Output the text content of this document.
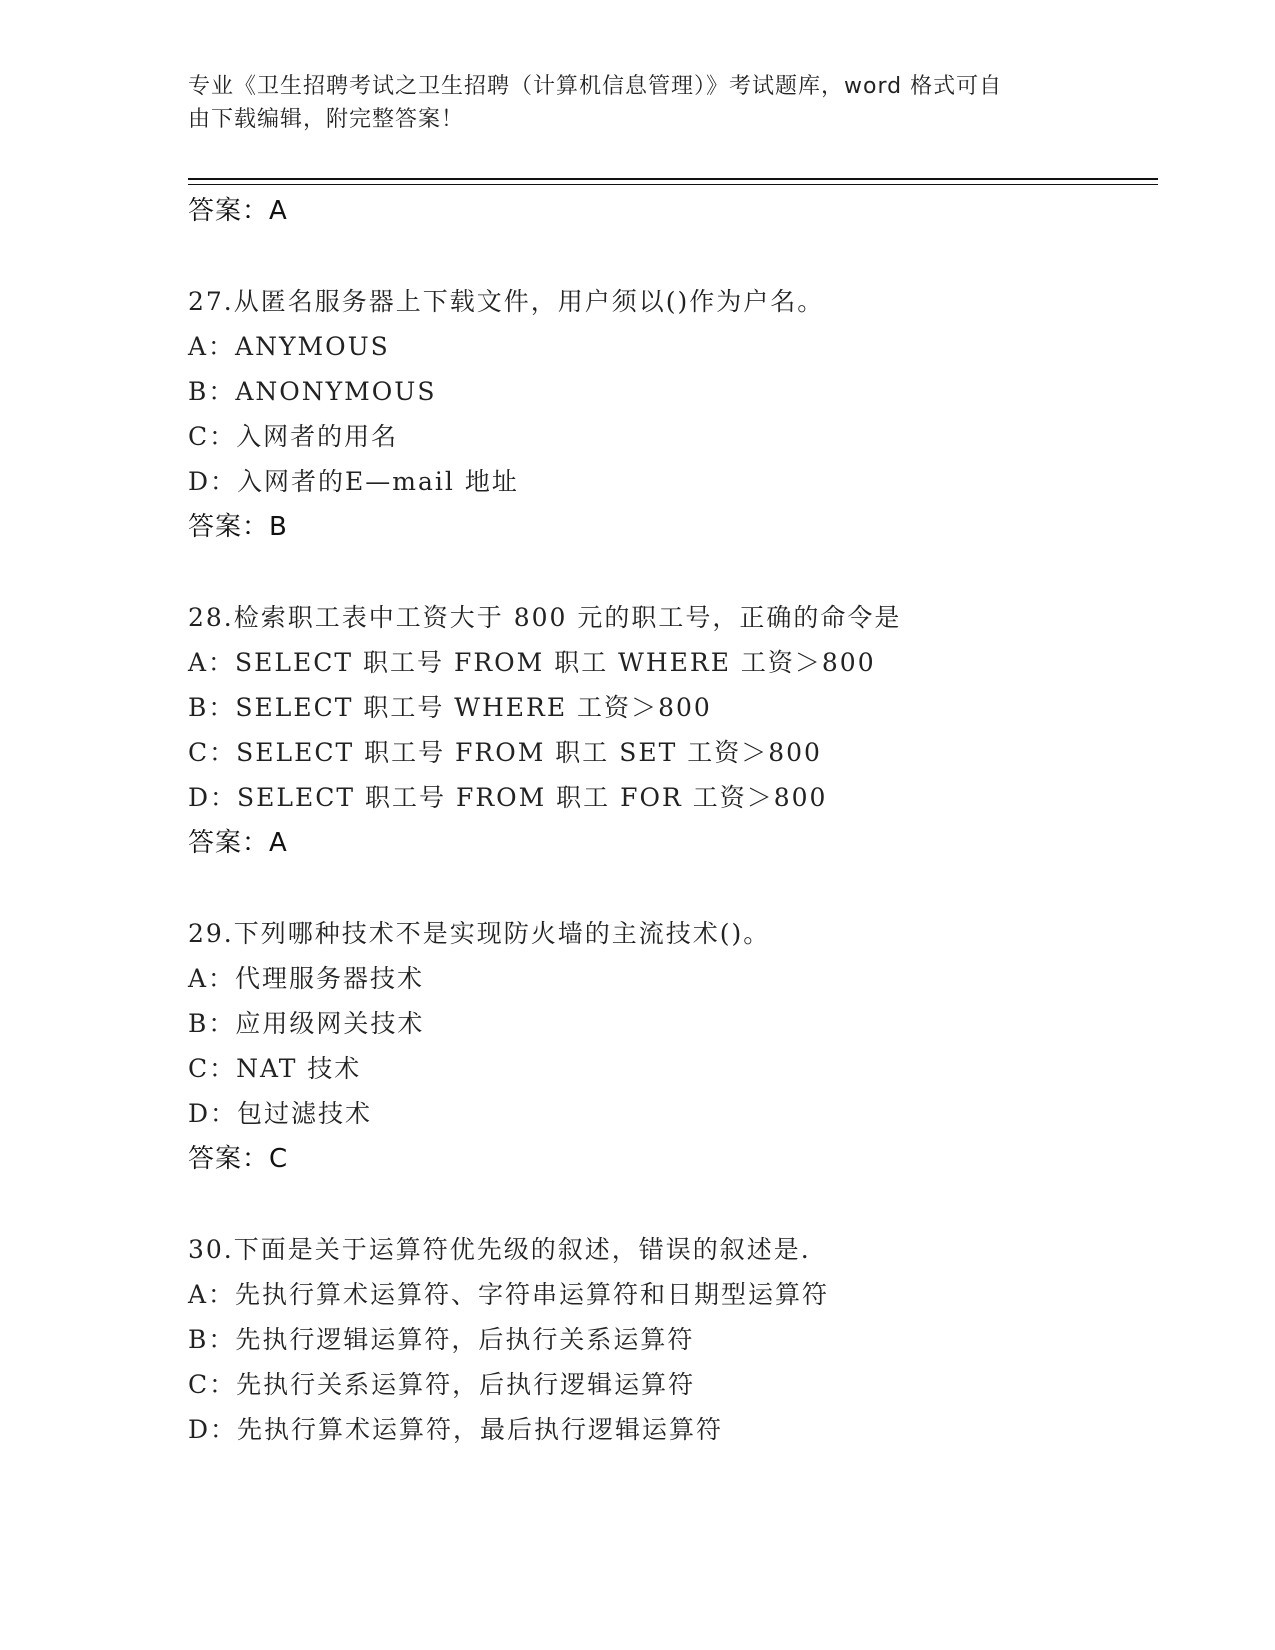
专业《卫生招聘考试之卫生招聘（计算机信息管理）》考试题库，word 格式可自
由下载编辑，附完整答案！
答案：A
27.从匿名服务器上下载文件，用户须以()作为户名。
A：ANYMOUS
B：ANONYMOUS
C：入网者的用名
D：入网者的E—mail 地址
答案：B
28.检索职工表中工资大于 800 元的职工号，正确的命令是
A：SELECT 职工号 FROM 职工 WHERE 工资＞800
B：SELECT 职工号 WHERE 工资＞800
C：SELECT 职工号 FROM 职工 SET 工资＞800
D：SELECT 职工号 FROM 职工 FOR 工资＞800
答案：A
29.下列哪种技术不是实现防火墙的主流技术()。
A：代理服务器技术
B：应用级网关技术
C：NAT 技术
D：包过滤技术
答案：C
30.下面是关于运算符优先级的叙述，错误的叙述是.
A：先执行算术运算符、字符串运算符和日期型运算符
B：先执行逻辑运算符，后执行关系运算符
C：先执行关系运算符，后执行逻辑运算符
D：先执行算术运算符，最后执行逻辑运算符
